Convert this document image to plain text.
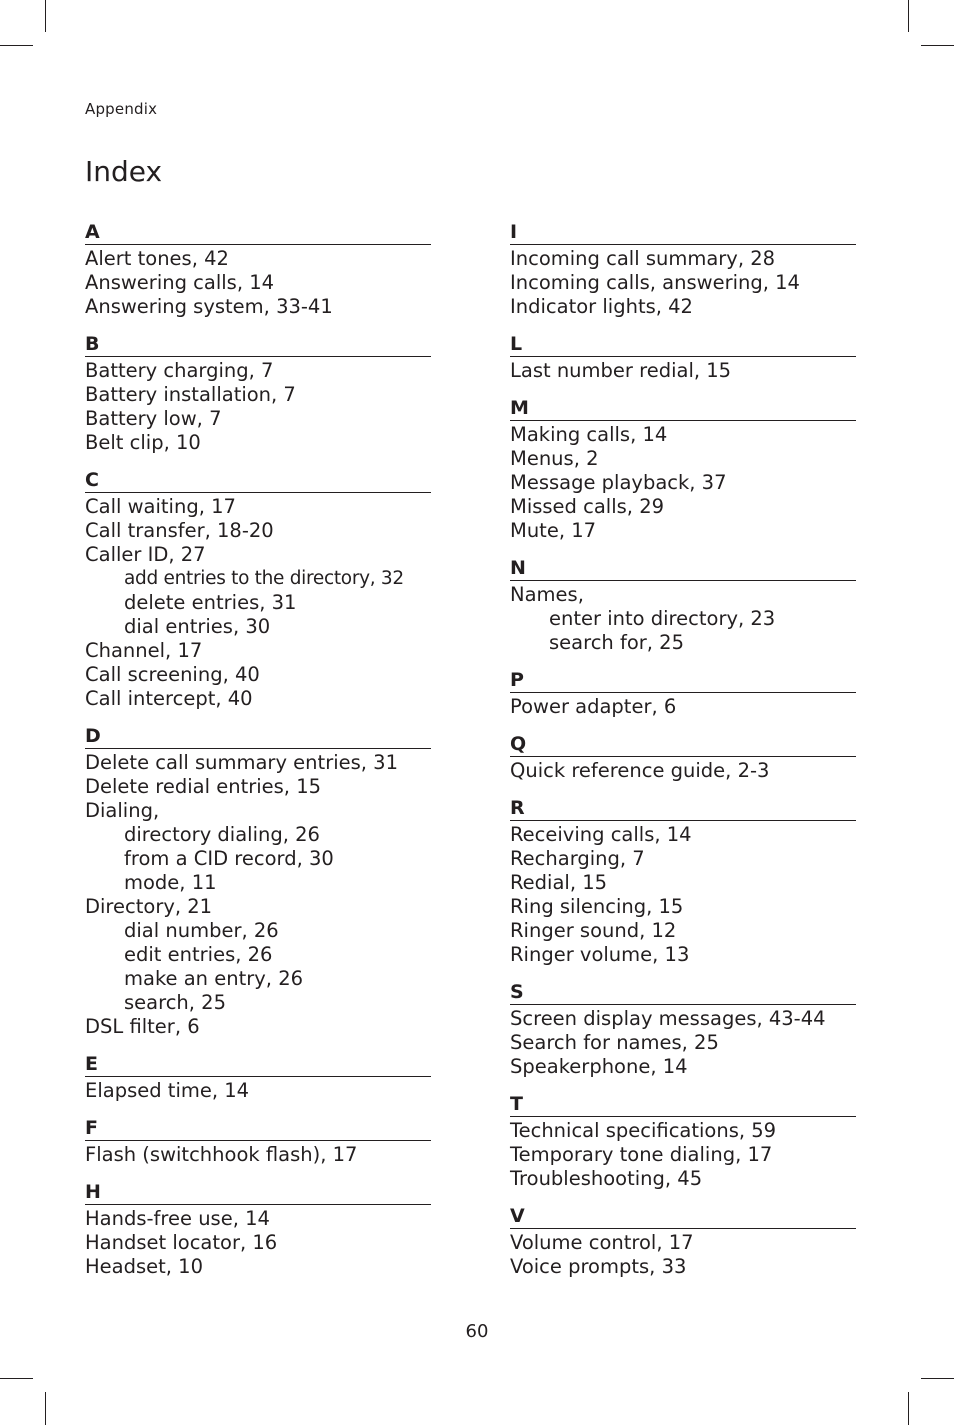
Appendix
Index
A
Alert tones, 42
Answering calls, 14
Answering system, 33-41
B
Battery charging, 7
Battery installation, 7
Battery low, 7
Belt clip, 10
C
Call waiting, 17
Call transfer, 18-20
Caller ID, 27
add entries to the directory, 32
delete entries, 31
dial entries, 30
Channel, 17
Call screening, 40
Call intercept, 40
D
Delete call summary entries, 31
Delete redial entries, 15
Dialing,
directory dialing, 26
from a CID record, 30
mode, 11
Directory, 21
dial number, 26
edit entries, 26
make an entry, 26
search, 25
DSL filter, 6
E
Elapsed time, 14
F
Flash (switchhook flash), 17
H
Hands-free use, 14
Handset locator, 16
Headset, 10
I
Incoming call summary, 28
Incoming calls, answering, 14
Indicator lights, 42
L
Last number redial, 15
M
Making calls, 14
Menus, 2
Message playback, 37
Missed calls, 29
Mute, 17
N
Names,
enter into directory, 23
search for, 25
P
Power adapter, 6
Q
Quick reference guide, 2-3
R
Receiving calls, 14
Recharging, 7
Redial, 15
Ring silencing, 15
Ringer sound, 12
Ringer volume, 13
S
Screen display messages, 43-44
Search for names, 25
Speakerphone, 14
T
Technical specifications, 59
Temporary tone dialing, 17
Troubleshooting, 45
V
Volume control, 17
Voice prompts, 33
60
